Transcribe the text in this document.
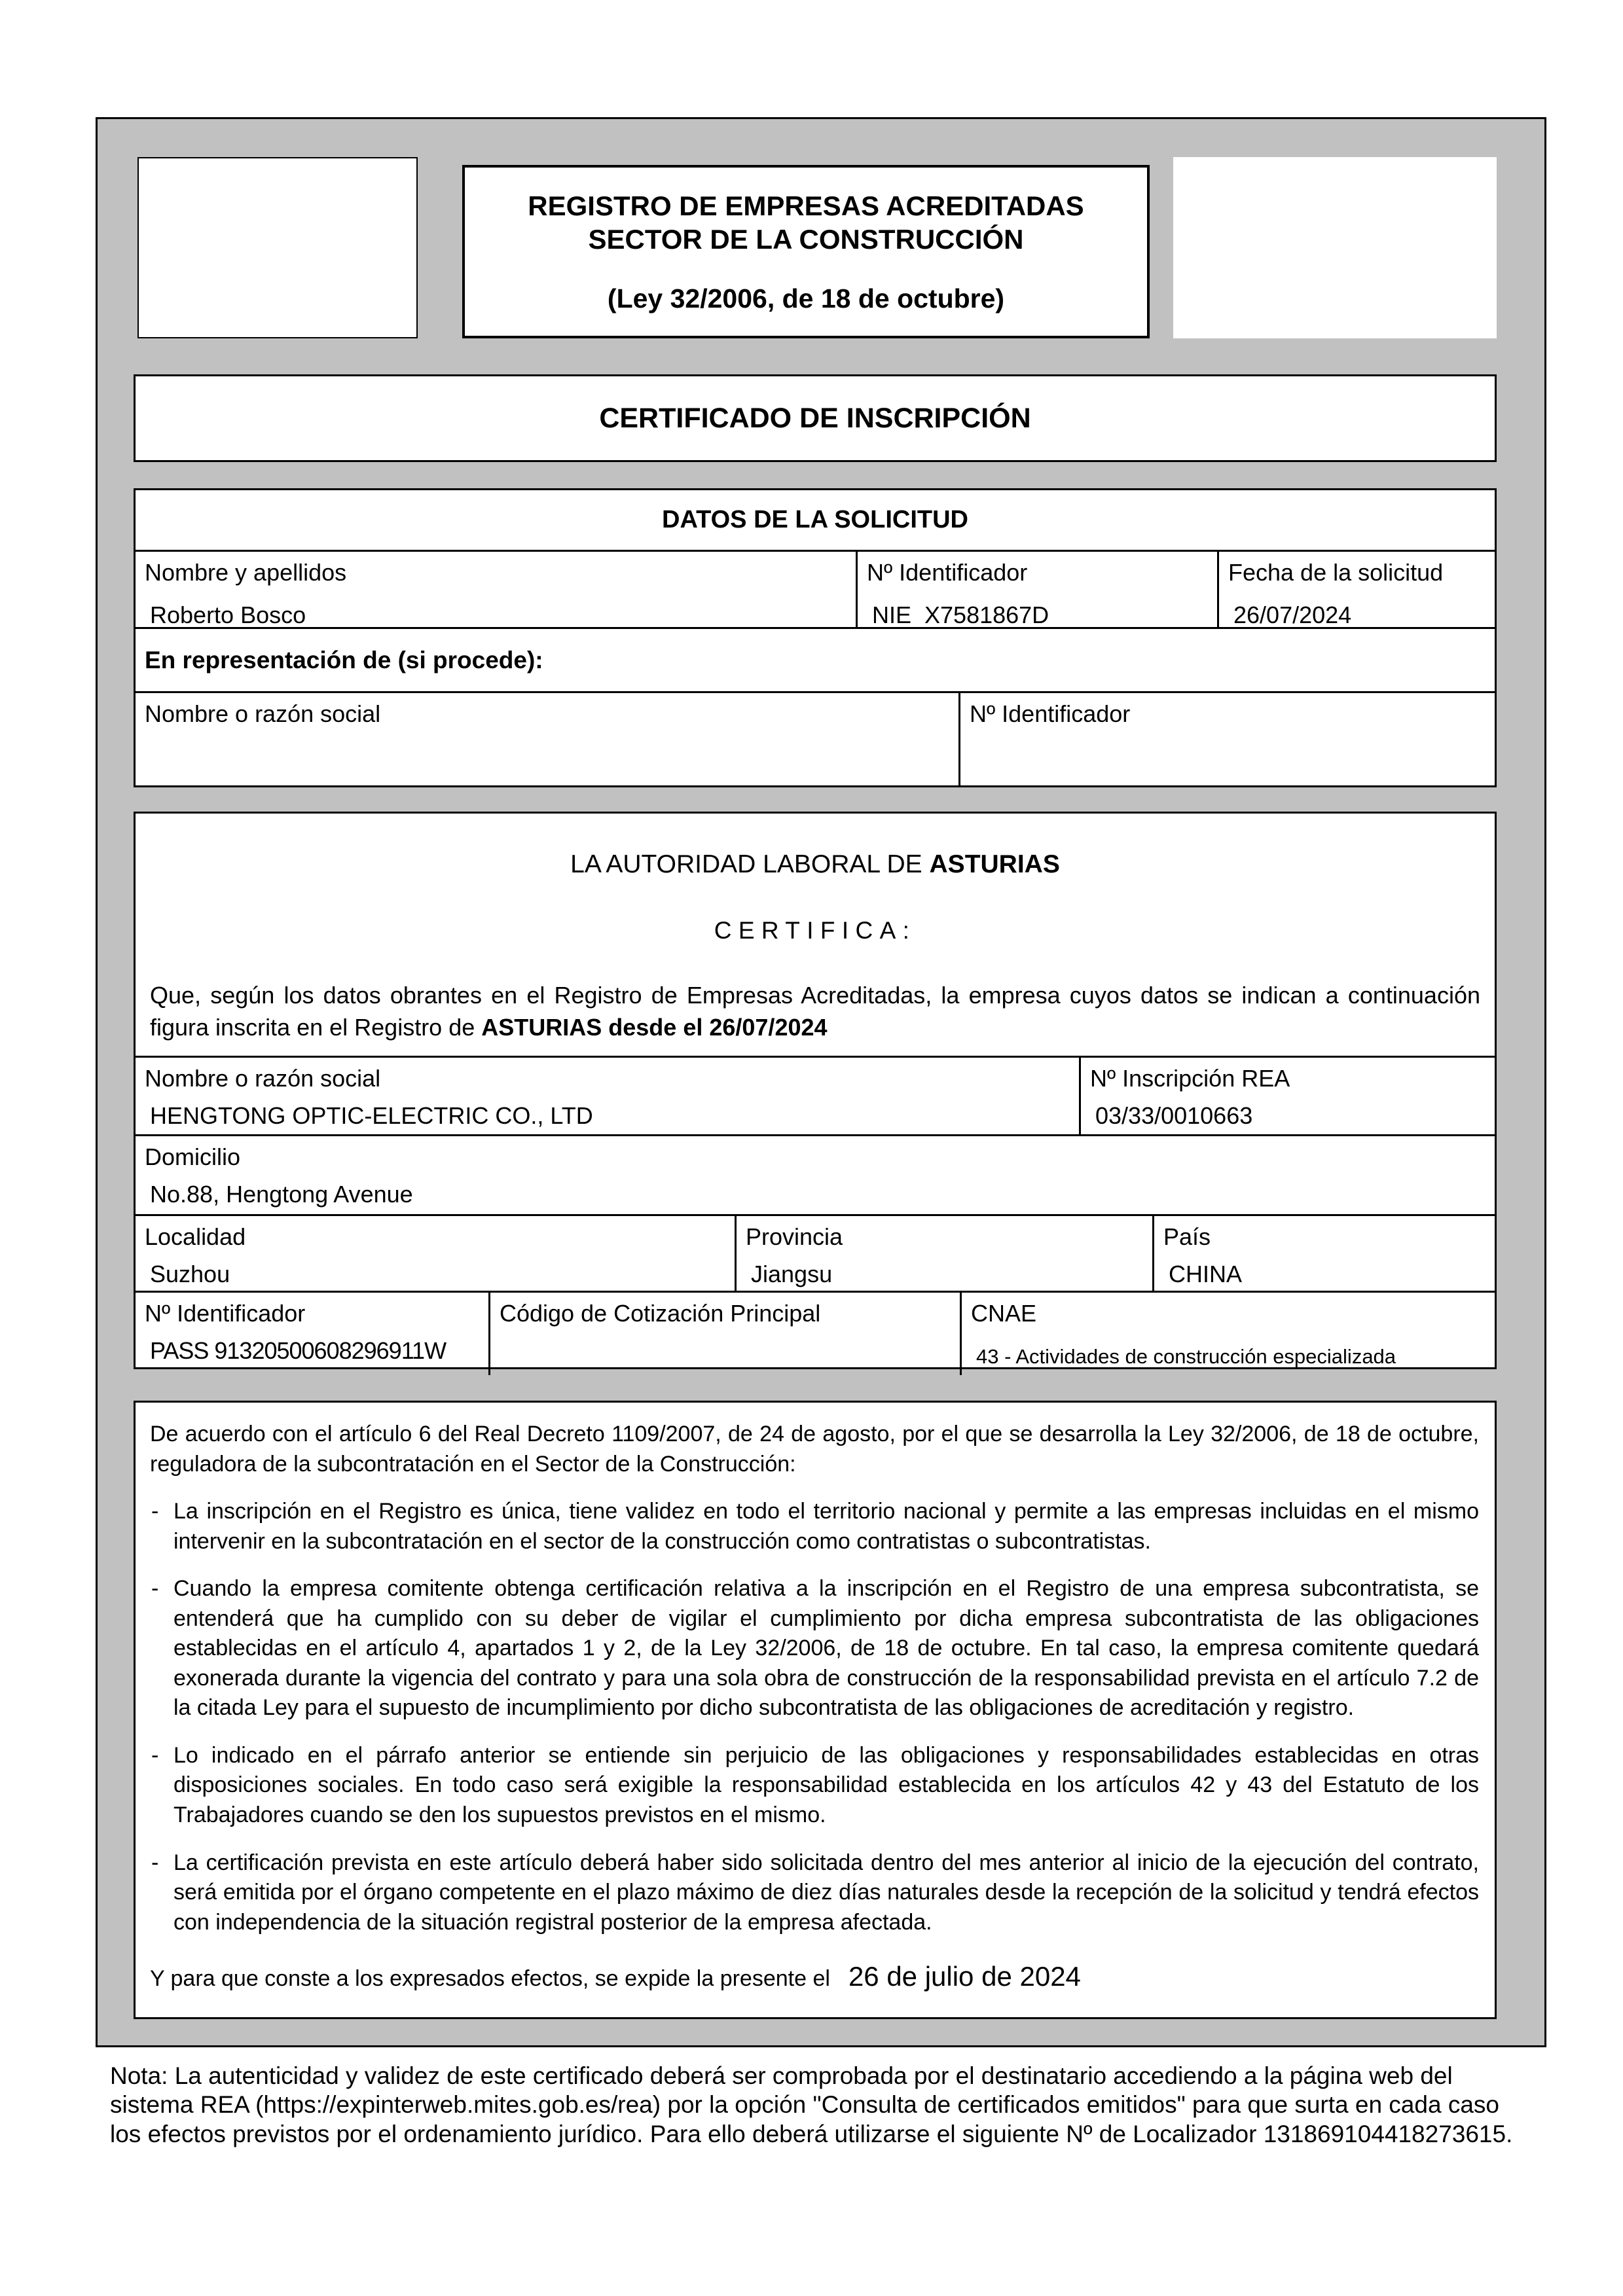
REGISTRO DE EMPRESAS ACREDITADAS
SECTOR DE LA CONSTRUCCIÓN
(Ley 32/2006, de 18 de octubre)
CERTIFICADO DE INSCRIPCIÓN
DATOS DE LA SOLICITUD
Nombre y apellidos
Roberto Bosco
Nº Identificador
NIE  X7581867D
Fecha de la solicitud
26/07/2024
En representación de (si procede):
Nombre o razón social	Nº Identificador
LA AUTORIDAD LABORAL DE ASTURIAS
CERTIFICA:
Que, según los datos obrantes en el Registro de Empresas Acreditadas, la empresa cuyos datos se indican a continuación figura inscrita en el Registro de ASTURIAS desde el 26/07/2024
Nombre o razón social
HENGTONG OPTIC-ELECTRIC CO., LTD
Nº Inscripción REA
03/33/0010663
Domicilio
No.88, Hengtong Avenue
Localidad
Suzhou
Provincia
Jiangsu
País
CHINA
Nº Identificador
PASS 91320500608296911W
Código de Cotización Principal	CNAE
43 - Actividades de construcción especializada

De acuerdo con el artículo 6 del Real Decreto 1109/2007, de 24 de agosto, por el que se desarrolla la Ley 32/2006, de 18 de octubre, reguladora de la subcontratación en el Sector de la Construcción:

- La inscripción en el Registro es única, tiene validez en todo el territorio nacional y permite a las empresas incluidas en el mismo intervenir en la subcontratación en el sector de la construcción como contratistas o subcontratistas.

- Cuando la empresa comitente obtenga certificación relativa a la inscripción en el Registro de una empresa subcontratista, se entenderá que ha cumplido con su deber de vigilar el cumplimiento por dicha empresa subcontratista de las obligaciones establecidas en el artículo 4, apartados 1 y 2, de la Ley 32/2006, de 18 de octubre. En tal caso, la empresa comitente quedará exonerada durante la vigencia del contrato y para una sola obra de construcción de la responsabilidad prevista en el artículo 7.2 de la citada Ley para el supuesto de incumplimiento por dicho subcontratista de las obligaciones de acreditación y registro.

- Lo indicado en el párrafo anterior se entiende sin perjuicio de las obligaciones y responsabilidades establecidas en otras disposiciones sociales. En todo caso será exigible la responsabilidad establecida en los artículos 42 y 43 del Estatuto de los Trabajadores cuando se den los supuestos previstos en el mismo.

- La certificación prevista en este artículo deberá haber sido solicitada dentro del mes anterior al inicio de la ejecución del contrato, será emitida por el órgano competente en el plazo máximo de diez días naturales desde la recepción de la solicitud y tendrá efectos con independencia de la situación registral posterior de la empresa afectada.

Y para que conste a los expresados efectos, se expide la presente el 26 de julio de 2024

Nota: La autenticidad y validez de este certificado deberá ser comprobada por el destinatario accediendo a la página web del sistema REA (https://expinterweb.mites.gob.es/rea) por la opción "Consulta de certificados emitidos" para que surta en cada caso los efectos previstos por el ordenamiento jurídico. Para ello deberá utilizarse el siguiente Nº de Localizador 131869104418273615.
